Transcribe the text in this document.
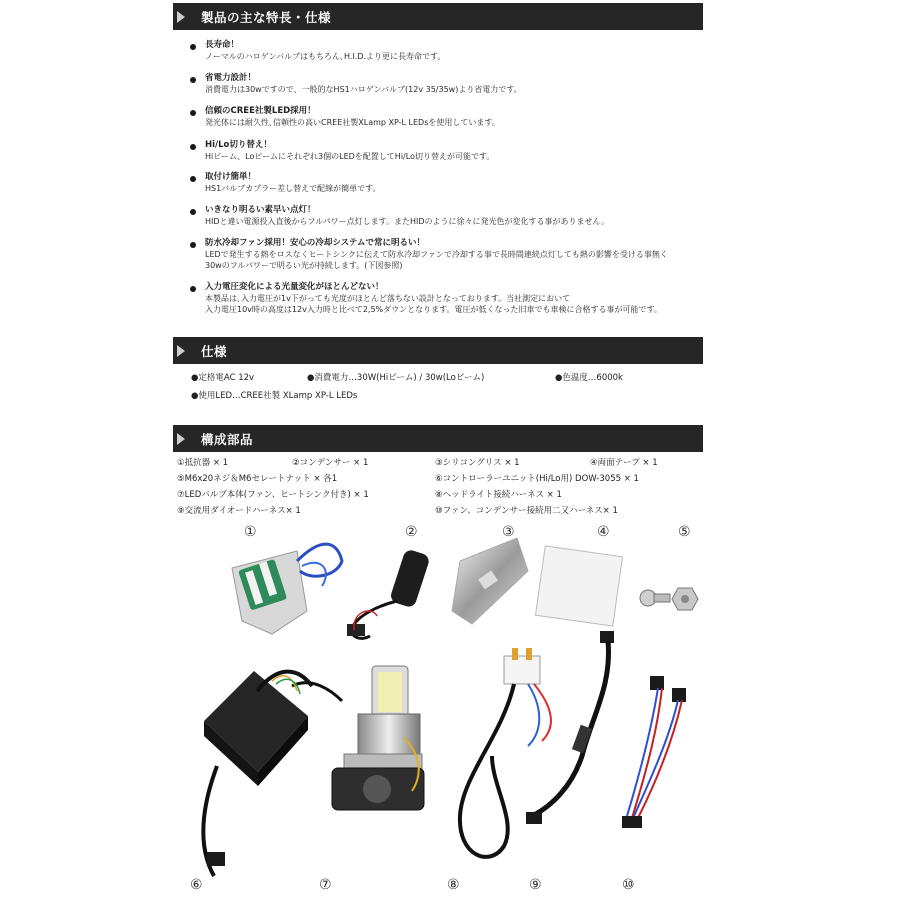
製品の主な特長・仕様
長寿命！
ノーマルのハロゲンバルブはもちろん､H.I.D.より更に長寿命です。
省電力設計！
消費電力は30wですので、一般的なHS1ハロゲンバルブ(12v 35/35w)より省電力です。
信頼のCREE社製LED採用！
発光体には耐久性､信頼性の高いCREE社製XLamp XP-L LEDsを使用しています。
Hi/Lo切り替え！
Hiビーム、Loビームにそれぞれ3個のLEDを配置してHi/Lo切り替えが可能です。
取付け簡単！
HS1バルブカプラー差し替えで配線が簡単です。
いきなり明るい素早い点灯！
HIDと違い電源投入直後からフルパワー点灯します。またHIDのように徐々に発光色が変化する事がありません。
防水冷却ファン採用！安心の冷却システムで常に明るい！
LEDで発生する熱をロスなくヒートシンクに伝えて防水冷却ファンで冷却する事で長時間連続点灯しても熱の影響を受ける事無く
30wのフルパワーで明るい光が持続します。(下図参照)
入力電圧変化による光量変化がほとんどない！
本製品は､入力電圧が1v下がっても光度がほとんど落ちない設計となっております。当社測定において
入力電圧10v時の高度は12v入力時と比べて2,5%ダウンとなります。電圧が低くなった旧車でも車検に合格する事が可能です。
仕様
●定格電AC 12v	●消費電力…30W(Hiビーム) / 30w(Loビーム)	●色温度…6000k
●使用LED…CREE社製 XLamp XP-L LEDs
構成部品
①抵抗器 × 1	②コンデンサー × 1	③シリコングリス × 1	④両面テープ × 1
⑤M6x20ネジ＆M6セレートナット × 各1	⑥コントローラーユニット(Hi/Lo用) DOW-3055 × 1
⑦LEDバルブ本体(ファン、ヒートシンク付き) × 1	⑧ヘッドライト接続ハーネス × 1
⑨交流用ダイオードハーネス× 1	⑩ファン、コンデンサー接続用二又ハーネス× 1
①	②	③	④	⑤
⑥	⑦	⑧	⑨	⑩
